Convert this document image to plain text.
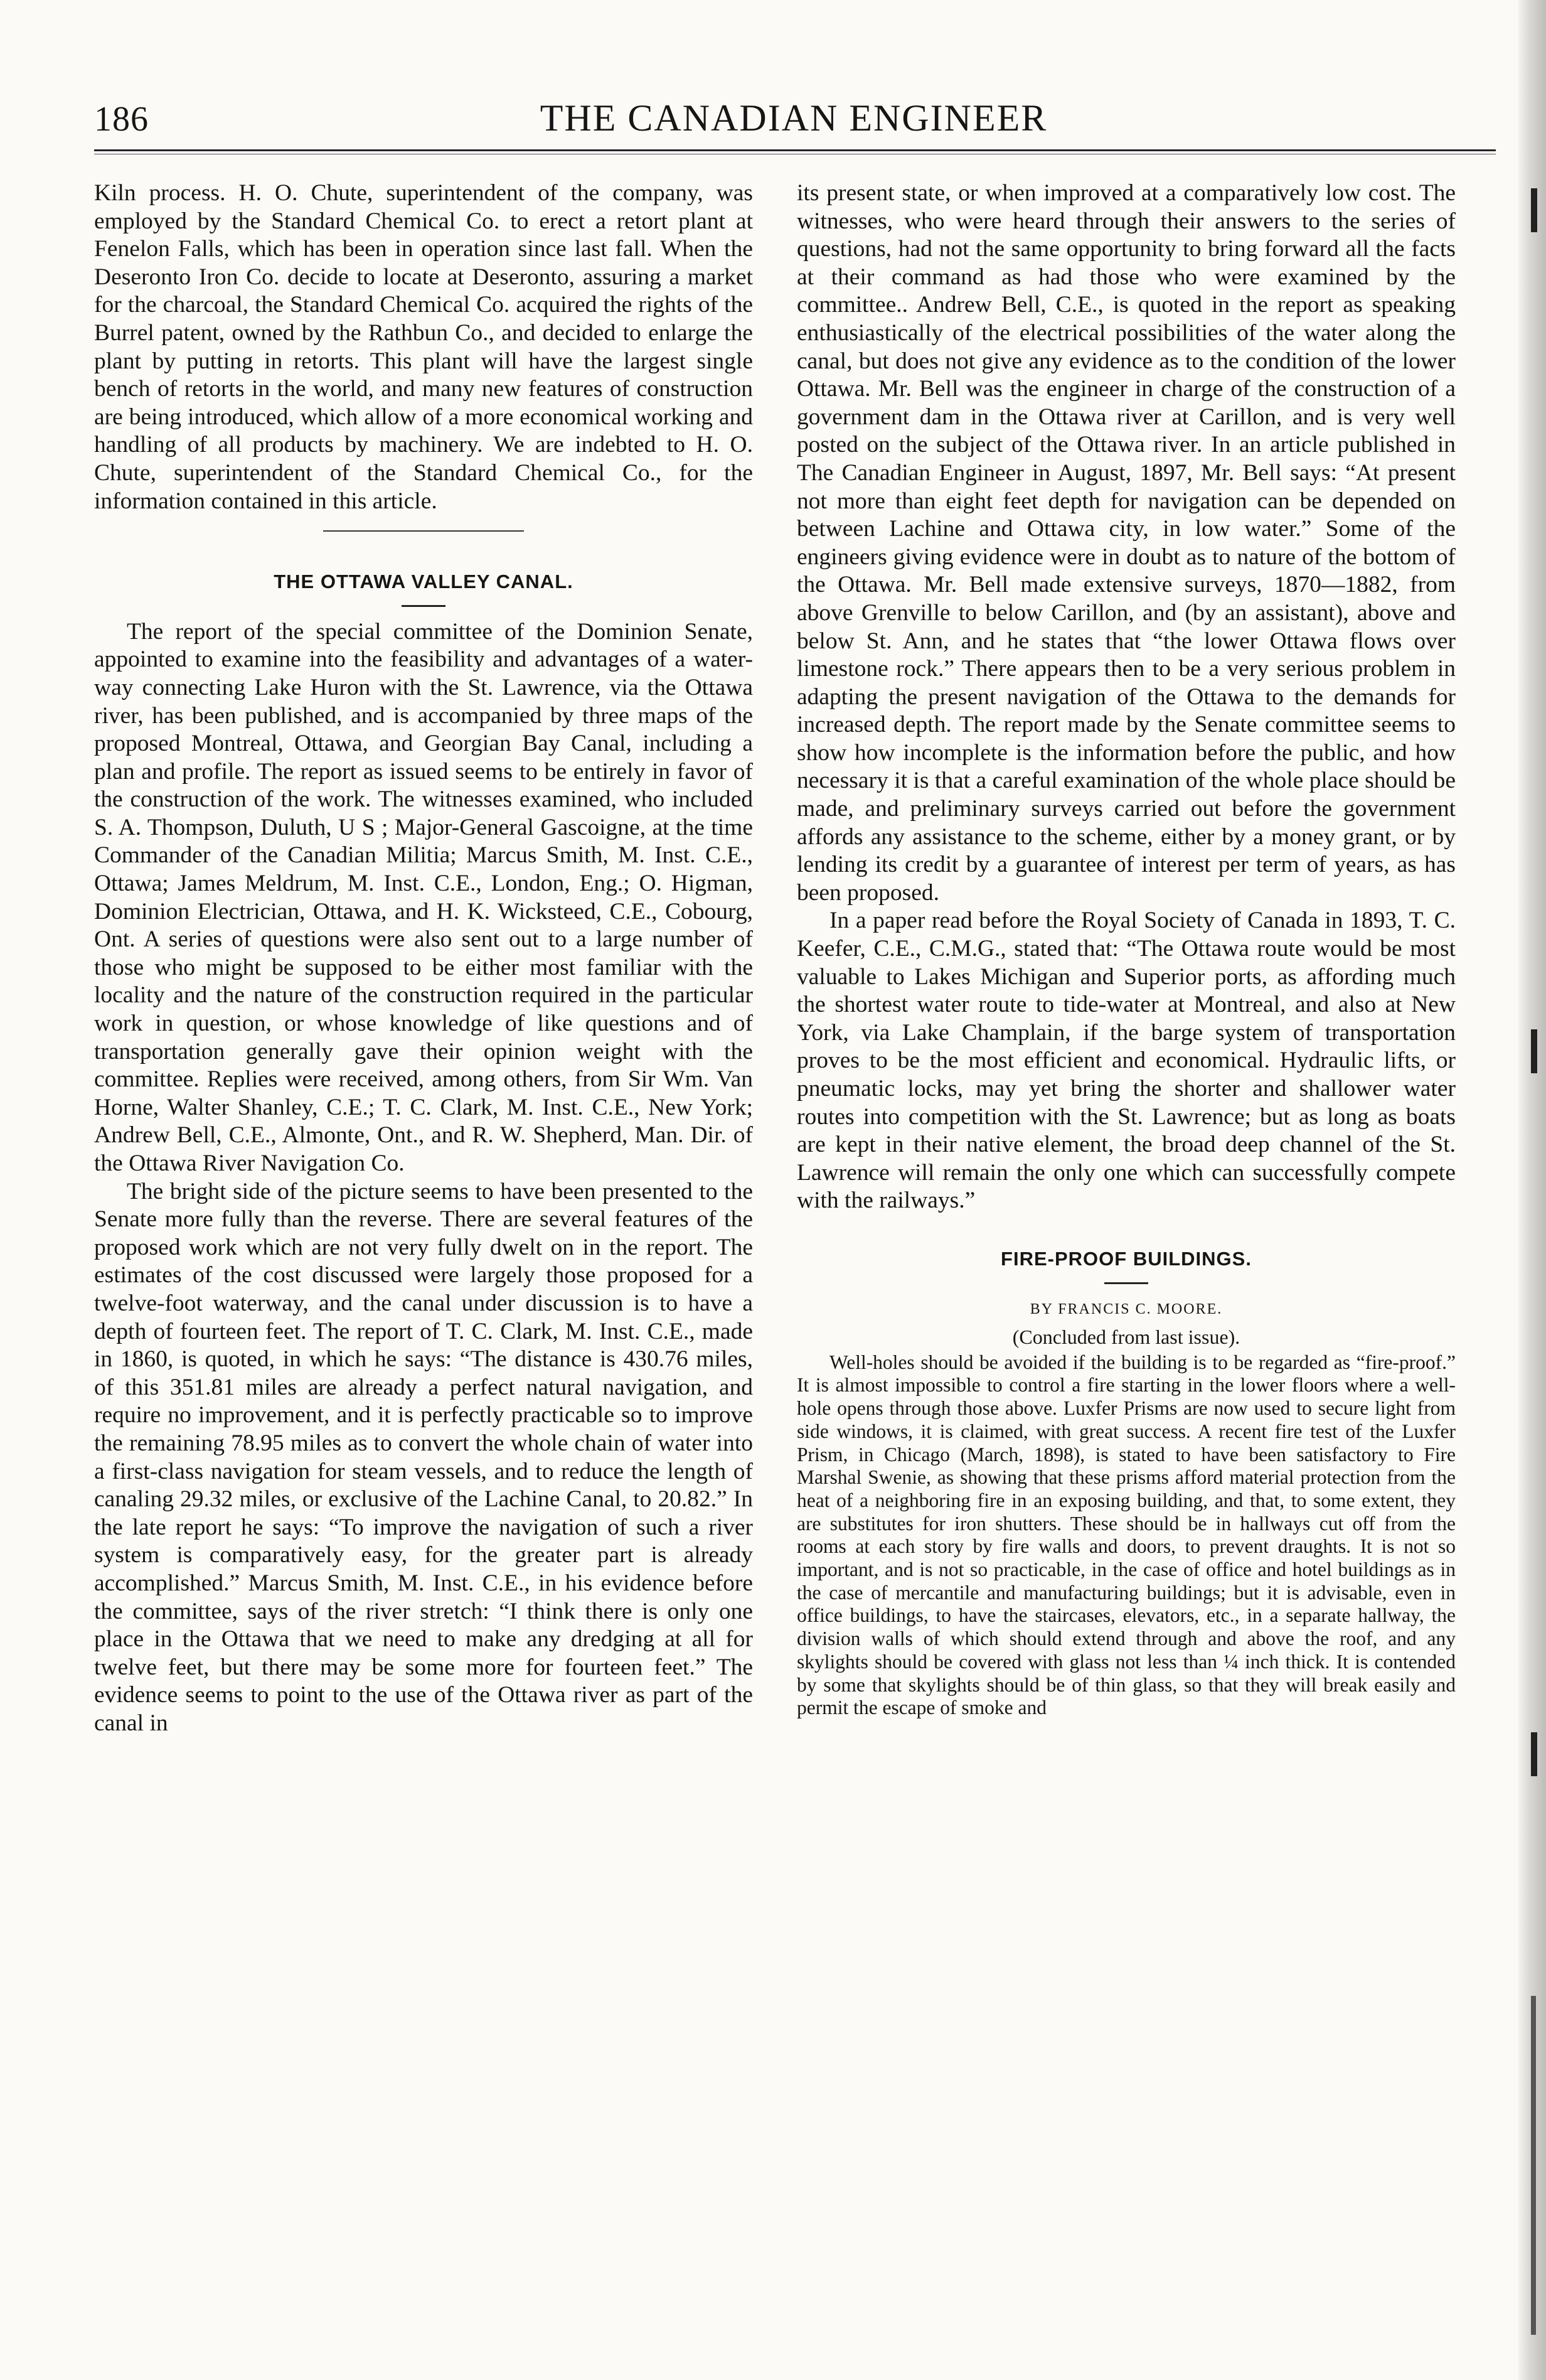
186	THE CANADIAN ENGINEER

Kiln process. H. O. Chute, superintendent of the company, was employed by the Standard Chemical Co. to erect a retort plant at Fenelon Falls, which has been in operation since last fall. When the Deseronto Iron Co. decide to locate at Deseronto, assuring a market for the charcoal, the Standard Chemical Co. acquired the rights of the Burrel patent, owned by the Rathbun Co., and decided to enlarge the plant by putting in retorts. This plant will have the largest single bench of retorts in the world, and many new features of construction are being introduced, which allow of a more economical working and handling of all products by machinery. We are indebted to H. O. Chute, superintendent of the Standard Chemical Co., for the information contained in this article.

THE OTTAWA VALLEY CANAL.

The report of the special committee of the Dominion Senate, appointed to examine into the feasibility and advantages of a water-way connecting Lake Huron with the St. Lawrence, via the Ottawa river, has been published, and is accompanied by three maps of the proposed Montreal, Ottawa, and Georgian Bay Canal, including a plan and profile. The report as issued seems to be entirely in favor of the construction of the work. The witnesses examined, who included S. A. Thompson, Duluth, U S ; Major-General Gascoigne, at the time Commander of the Canadian Militia; Marcus Smith, M. Inst. C.E., Ottawa; James Meldrum, M. Inst. C.E., London, Eng.; O. Higman, Dominion Electrician, Ottawa, and H. K. Wicksteed, C.E., Cobourg, Ont. A series of questions were also sent out to a large number of those who might be supposed to be either most familiar with the locality and the nature of the construction required in the particular work in question, or whose knowledge of like questions and of transportation generally gave their opinion weight with the committee. Replies were received, among others, from Sir Wm. Van Horne, Walter Shanley, C.E.; T. C. Clark, M. Inst. C.E., New York; Andrew Bell, C.E., Almonte, Ont., and R. W. Shepherd, Man. Dir. of the Ottawa River Navigation Co.

The bright side of the picture seems to have been presented to the Senate more fully than the reverse. There are several features of the proposed work which are not very fully dwelt on in the report. The estimates of the cost discussed were largely those proposed for a twelve-foot waterway, and the canal under discussion is to have a depth of fourteen feet. The report of T. C. Clark, M. Inst. C.E., made in 1860, is quoted, in which he says: “The distance is 430.76 miles, of this 351.81 miles are already a perfect natural navigation, and require no improvement, and it is perfectly practicable so to improve the remaining 78.95 miles as to convert the whole chain of water into a first-class navigation for steam vessels, and to reduce the length of canaling 29.32 miles, or exclusive of the Lachine Canal, to 20.82.” In the late report he says: “To improve the navigation of such a river system is comparatively easy, for the greater part is already accomplished.” Marcus Smith, M. Inst. C.E., in his evidence before the committee, says of the river stretch: “I think there is only one place in the Ottawa that we need to make any dredging at all for twelve feet, but there may be some more for fourteen feet.” The evidence seems to point to the use of the Ottawa river as part of the canal in

its present state, or when improved at a comparatively low cost. The witnesses, who were heard through their answers to the series of questions, had not the same opportunity to bring forward all the facts at their command as had those who were examined by the committee.. Andrew Bell, C.E., is quoted in the report as speaking enthusiastically of the electrical possibilities of the water along the canal, but does not give any evidence as to the condition of the lower Ottawa. Mr. Bell was the engineer in charge of the construction of a government dam in the Ottawa river at Carillon, and is very well posted on the subject of the Ottawa river. In an article published in The Canadian Engineer in August, 1897, Mr. Bell says: “At present not more than eight feet depth for navigation can be depended on between Lachine and Ottawa city, in low water.” Some of the engineers giving evidence were in doubt as to nature of the bottom of the Ottawa. Mr. Bell made extensive surveys, 1870—1882, from above Grenville to below Carillon, and (by an assistant), above and below St. Ann, and he states that “the lower Ottawa flows over limestone rock.” There appears then to be a very serious problem in adapting the present navigation of the Ottawa to the demands for increased depth. The report made by the Senate committee seems to show how incomplete is the information before the public, and how necessary it is that a careful examination of the whole place should be made, and preliminary surveys carried out before the government affords any assistance to the scheme, either by a money grant, or by lending its credit by a guarantee of interest per term of years, as has been proposed.

In a paper read before the Royal Society of Canada in 1893, T. C. Keefer, C.E., C.M.G., stated that: “The Ottawa route would be most valuable to Lakes Michigan and Superior ports, as affording much the shortest water route to tide-water at Montreal, and also at New York, via Lake Champlain, if the barge system of transportation proves to be the most efficient and economical. Hydraulic lifts, or pneumatic locks, may yet bring the shorter and shallower water routes into competition with the St. Lawrence; but as long as boats are kept in their native element, the broad deep channel of the St. Lawrence will remain the only one which can successfully compete with the railways.”

FIRE-PROOF BUILDINGS.

BY FRANCIS C. MOORE.

(Concluded from last issue).

Well-holes should be avoided if the building is to be regarded as “fire-proof.” It is almost impossible to control a fire starting in the lower floors where a well-hole opens through those above. Luxfer Prisms are now used to secure light from side windows, it is claimed, with great success. A recent fire test of the Luxfer Prism, in Chicago (March, 1898), is stated to have been satisfactory to Fire Marshal Swenie, as showing that these prisms afford material protection from the heat of a neighboring fire in an exposing building, and that, to some extent, they are substitutes for iron shutters. These should be in hallways cut off from the rooms at each story by fire walls and doors, to prevent draughts. It is not so important, and is not so practicable, in the case of office and hotel buildings as in the case of mercantile and manufacturing buildings; but it is advisable, even in office buildings, to have the staircases, elevators, etc., in a separate hallway, the division walls of which should extend through and above the roof, and any skylights should be covered with glass not less than ¼ inch thick. It is contended by some that skylights should be of thin glass, so that they will break easily and permit the escape of smoke and
